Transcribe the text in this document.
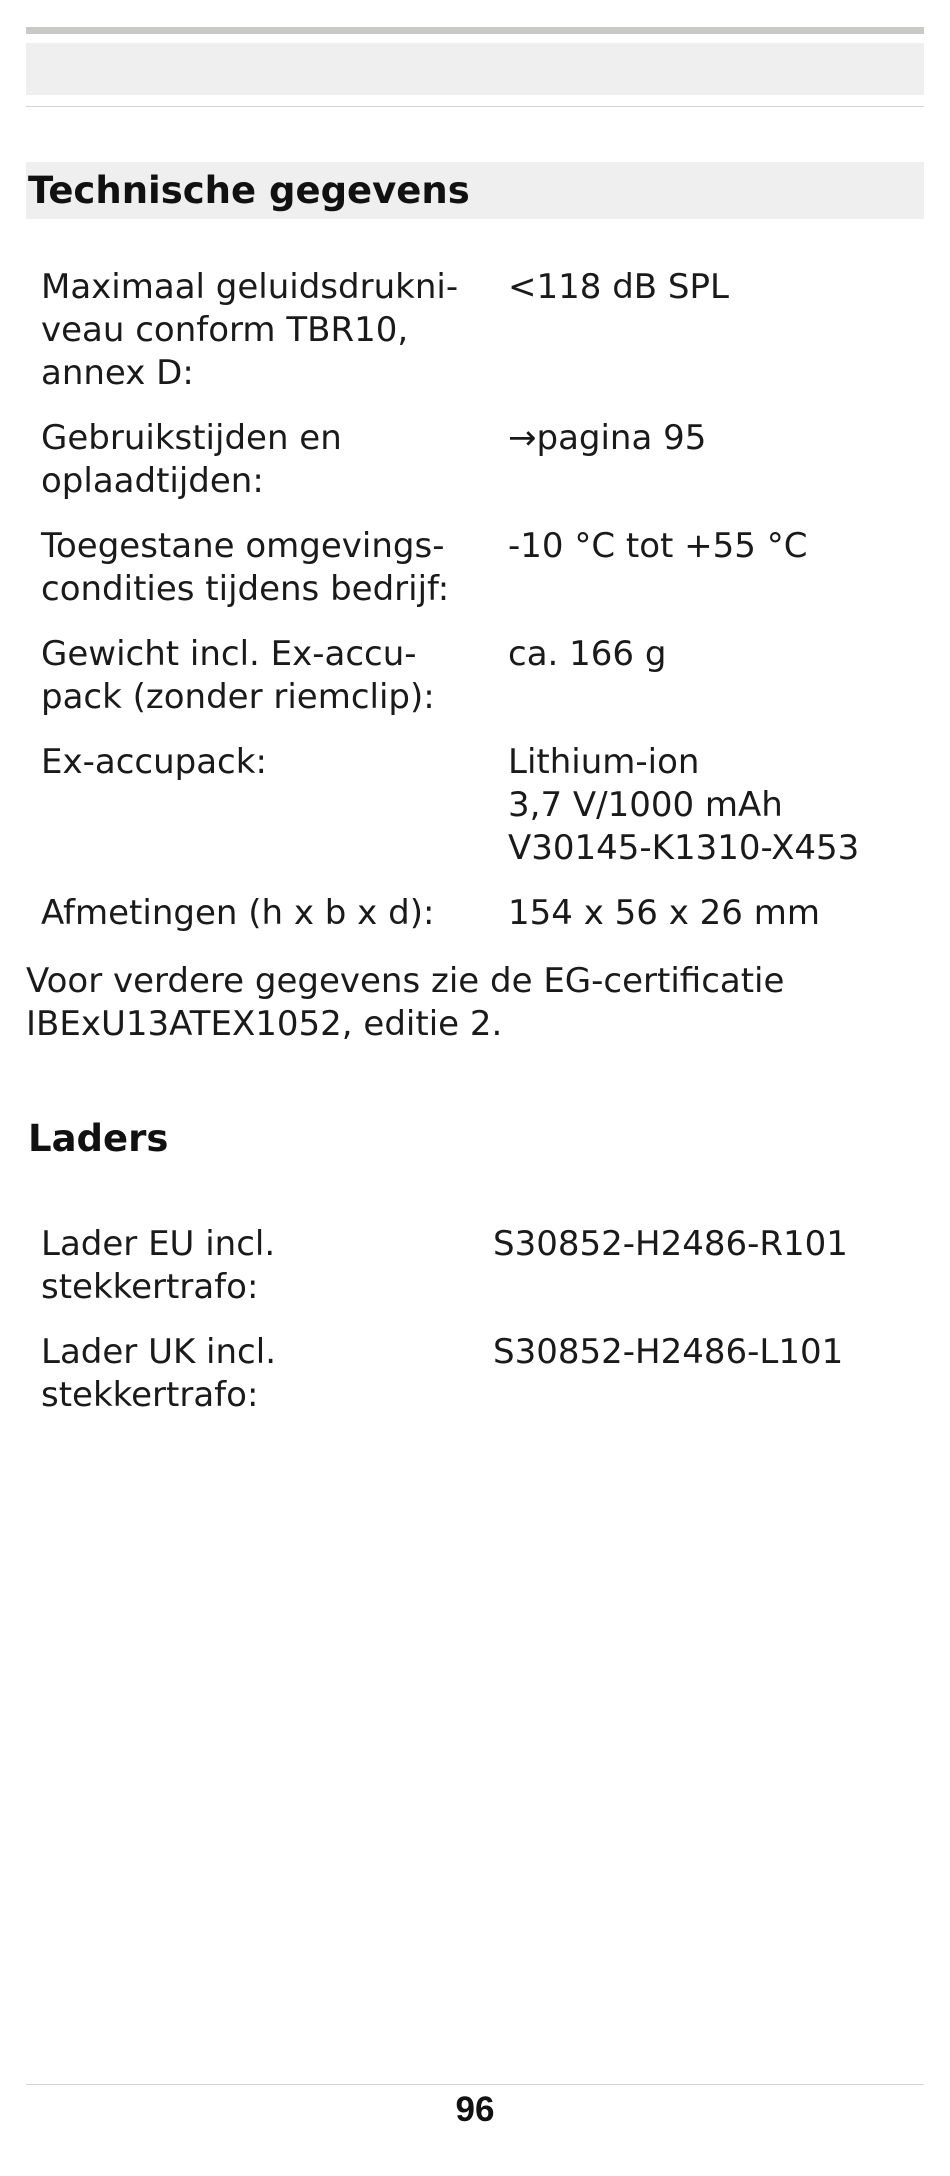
Technische gegevens
Maximaal geluidsdrukni-
veau conform TBR10,
annex D:
<118 dB SPL
Gebruikstijden en
oplaadtijden:
→pagina 95
Toegestane omgevings-
condities tijdens bedrijf:
-10 °C tot +55 °C
Gewicht incl. Ex-accu-
pack (zonder riemclip):
ca. 166 g
Ex-accupack:	Lithium-ion
3,7 V/1000 mAh
V30145-K1310-X453
Afmetingen (h x b x d):	154 x 56 x 26 mm
Voor verdere gegevens zie de EG-certificatie
IBExU13ATEX1052, editie 2.
Laders
Lader EU incl.
stekkertrafo:
S30852-H2486-R101
Lader UK incl.
stekkertrafo:
S30852-H2486-L101
96
